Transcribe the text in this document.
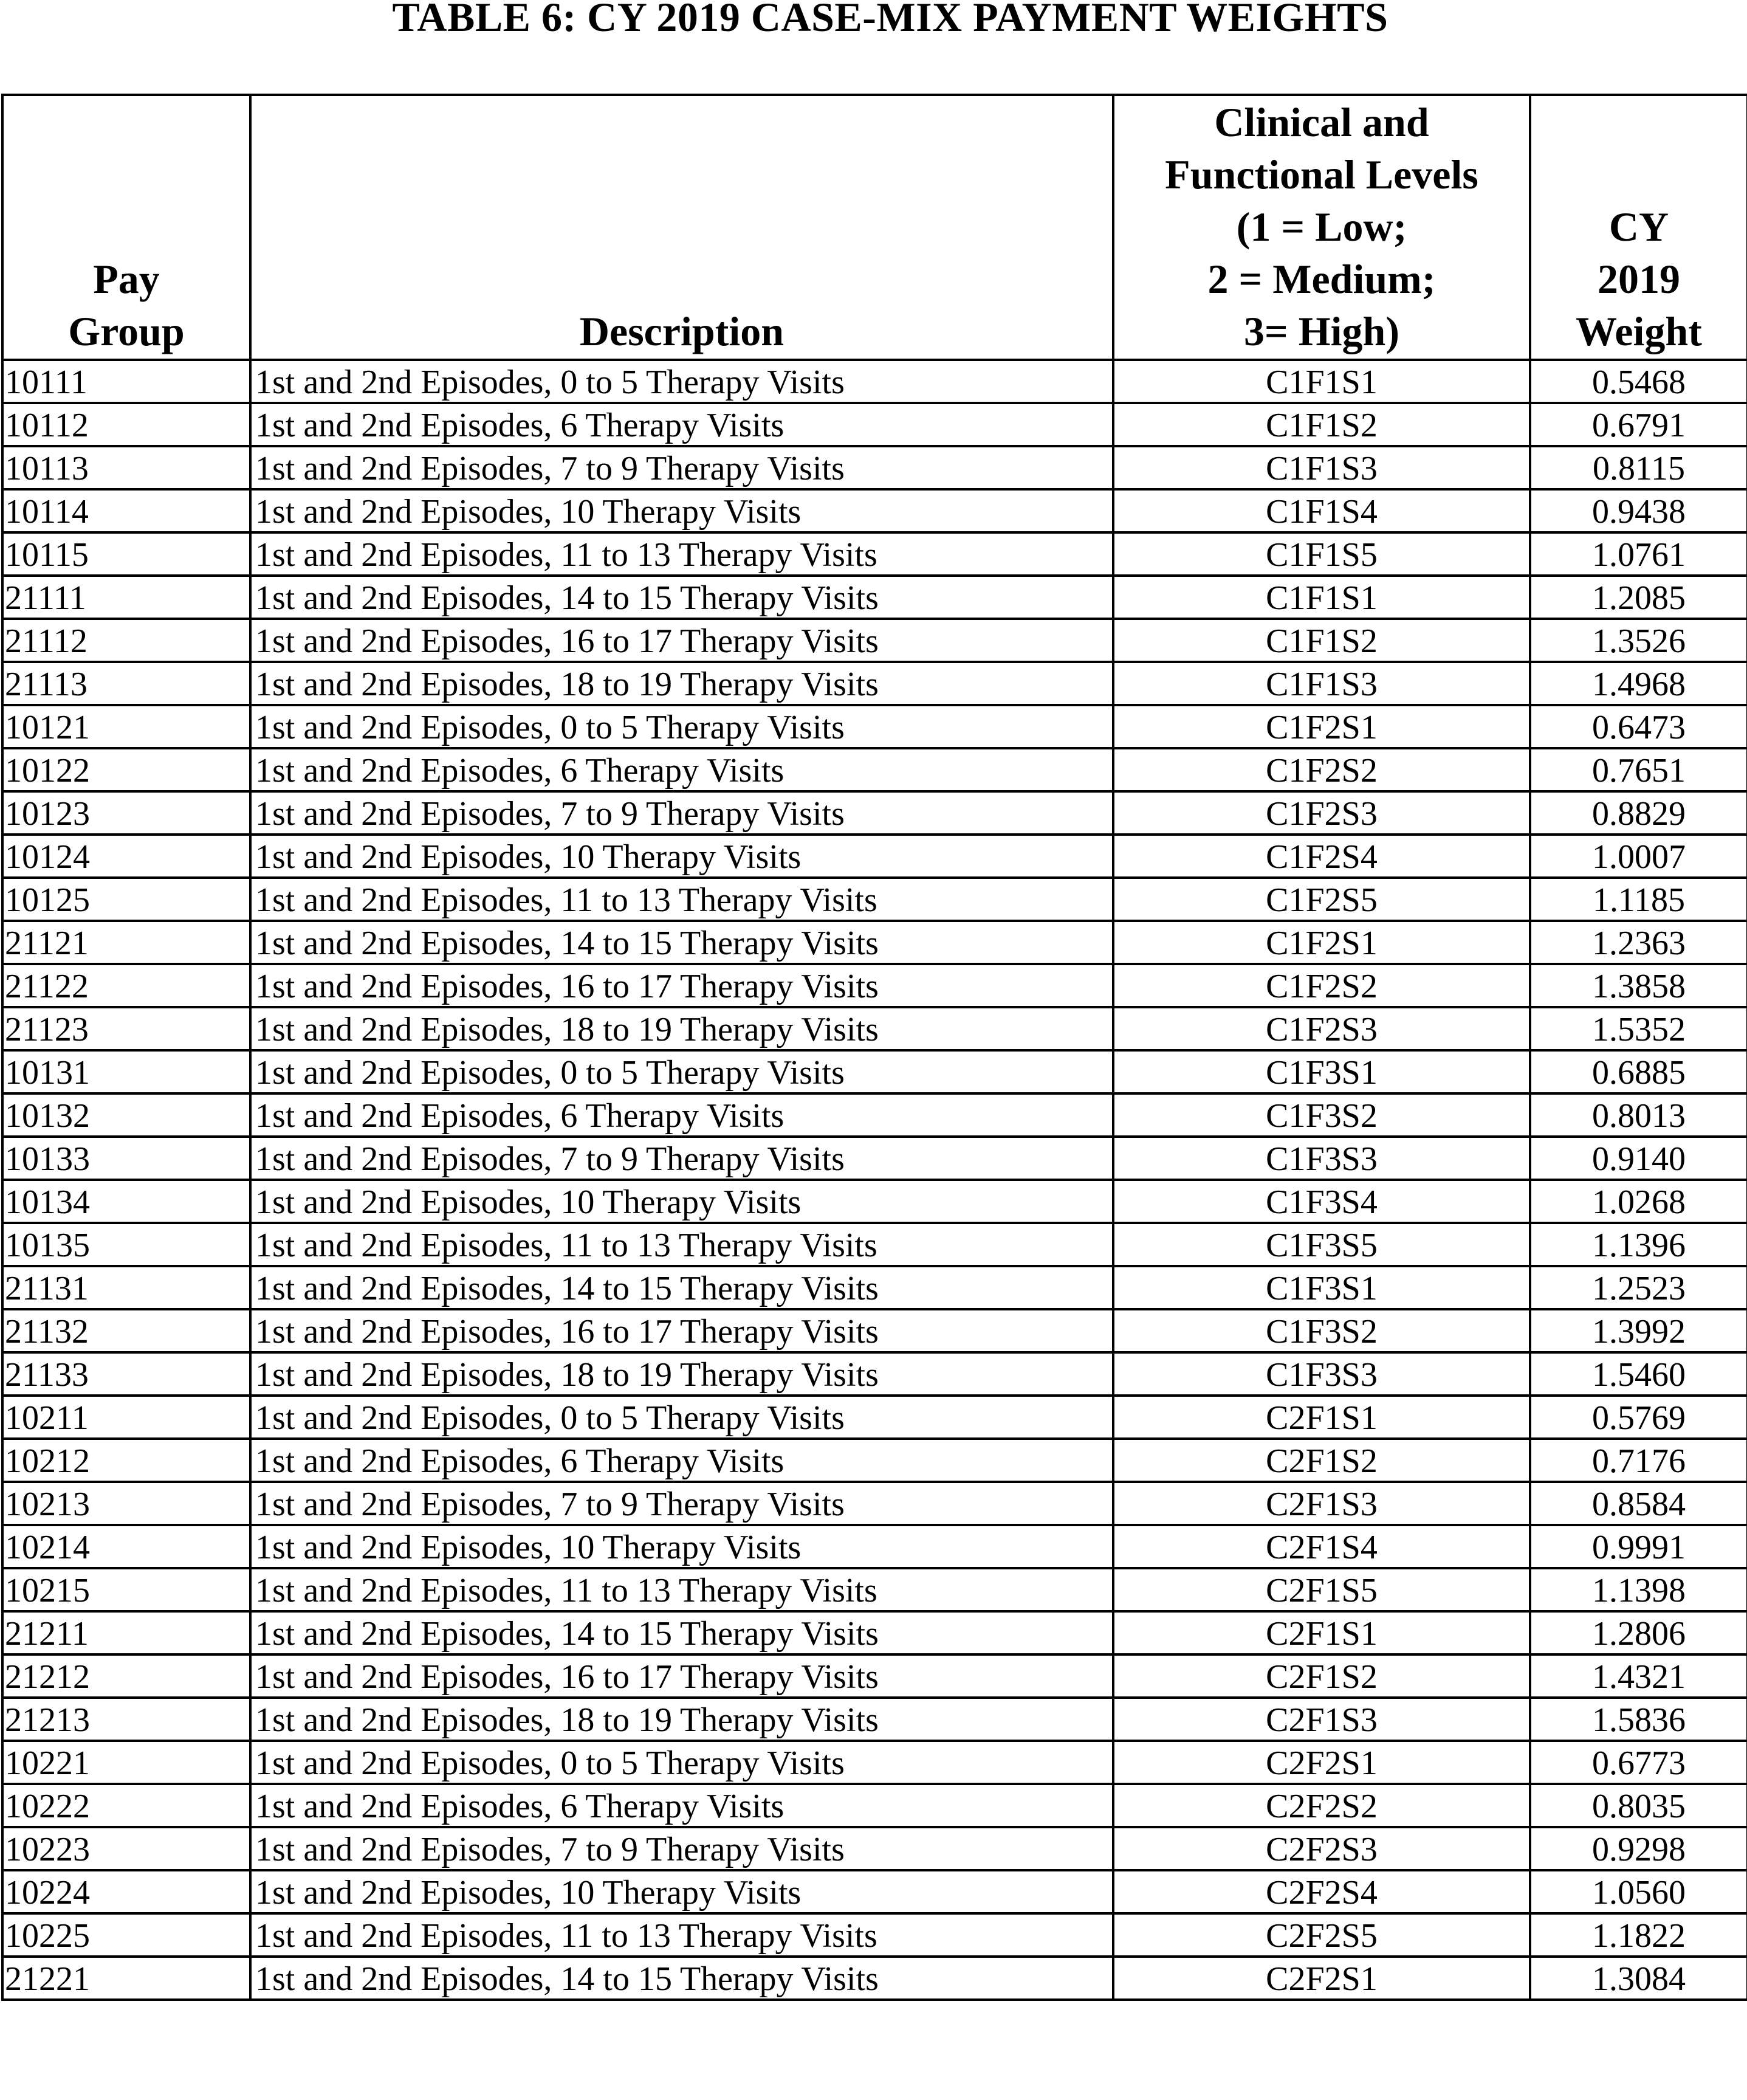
TABLE 6: CY 2019 CASE-MIX PAYMENT WEIGHTS
Pay
Group	Description	Clinical and
Functional Levels
(1 = Low;
2 = Medium;
3= High)	CY
2019
Weight

10111	1st and 2nd Episodes, 0 to 5 Therapy Visits	C1F1S1	0.5468
10112	1st and 2nd Episodes, 6 Therapy Visits	C1F1S2	0.6791
10113	1st and 2nd Episodes, 7 to 9 Therapy Visits	C1F1S3	0.8115
10114	1st and 2nd Episodes, 10 Therapy Visits	C1F1S4	0.9438
10115	1st and 2nd Episodes, 11 to 13 Therapy Visits	C1F1S5	1.0761
21111	1st and 2nd Episodes, 14 to 15 Therapy Visits	C1F1S1	1.2085
21112	1st and 2nd Episodes, 16 to 17 Therapy Visits	C1F1S2	1.3526
21113	1st and 2nd Episodes, 18 to 19 Therapy Visits	C1F1S3	1.4968
10121	1st and 2nd Episodes, 0 to 5 Therapy Visits	C1F2S1	0.6473
10122	1st and 2nd Episodes, 6 Therapy Visits	C1F2S2	0.7651
10123	1st and 2nd Episodes, 7 to 9 Therapy Visits	C1F2S3	0.8829
10124	1st and 2nd Episodes, 10 Therapy Visits	C1F2S4	1.0007
10125	1st and 2nd Episodes, 11 to 13 Therapy Visits	C1F2S5	1.1185
21121	1st and 2nd Episodes, 14 to 15 Therapy Visits	C1F2S1	1.2363
21122	1st and 2nd Episodes, 16 to 17 Therapy Visits	C1F2S2	1.3858
21123	1st and 2nd Episodes, 18 to 19 Therapy Visits	C1F2S3	1.5352
10131	1st and 2nd Episodes, 0 to 5 Therapy Visits	C1F3S1	0.6885
10132	1st and 2nd Episodes, 6 Therapy Visits	C1F3S2	0.8013
10133	1st and 2nd Episodes, 7 to 9 Therapy Visits	C1F3S3	0.9140
10134	1st and 2nd Episodes, 10 Therapy Visits	C1F3S4	1.0268
10135	1st and 2nd Episodes, 11 to 13 Therapy Visits	C1F3S5	1.1396
21131	1st and 2nd Episodes, 14 to 15 Therapy Visits	C1F3S1	1.2523
21132	1st and 2nd Episodes, 16 to 17 Therapy Visits	C1F3S2	1.3992
21133	1st and 2nd Episodes, 18 to 19 Therapy Visits	C1F3S3	1.5460
10211	1st and 2nd Episodes, 0 to 5 Therapy Visits	C2F1S1	0.5769
10212	1st and 2nd Episodes, 6 Therapy Visits	C2F1S2	0.7176
10213	1st and 2nd Episodes, 7 to 9 Therapy Visits	C2F1S3	0.8584
10214	1st and 2nd Episodes, 10 Therapy Visits	C2F1S4	0.9991
10215	1st and 2nd Episodes, 11 to 13 Therapy Visits	C2F1S5	1.1398
21211	1st and 2nd Episodes, 14 to 15 Therapy Visits	C2F1S1	1.2806
21212	1st and 2nd Episodes, 16 to 17 Therapy Visits	C2F1S2	1.4321
21213	1st and 2nd Episodes, 18 to 19 Therapy Visits	C2F1S3	1.5836
10221	1st and 2nd Episodes, 0 to 5 Therapy Visits	C2F2S1	0.6773
10222	1st and 2nd Episodes, 6 Therapy Visits	C2F2S2	0.8035
10223	1st and 2nd Episodes, 7 to 9 Therapy Visits	C2F2S3	0.9298
10224	1st and 2nd Episodes, 10 Therapy Visits	C2F2S4	1.0560
10225	1st and 2nd Episodes, 11 to 13 Therapy Visits	C2F2S5	1.1822
21221	1st and 2nd Episodes, 14 to 15 Therapy Visits	C2F2S1	1.3084
